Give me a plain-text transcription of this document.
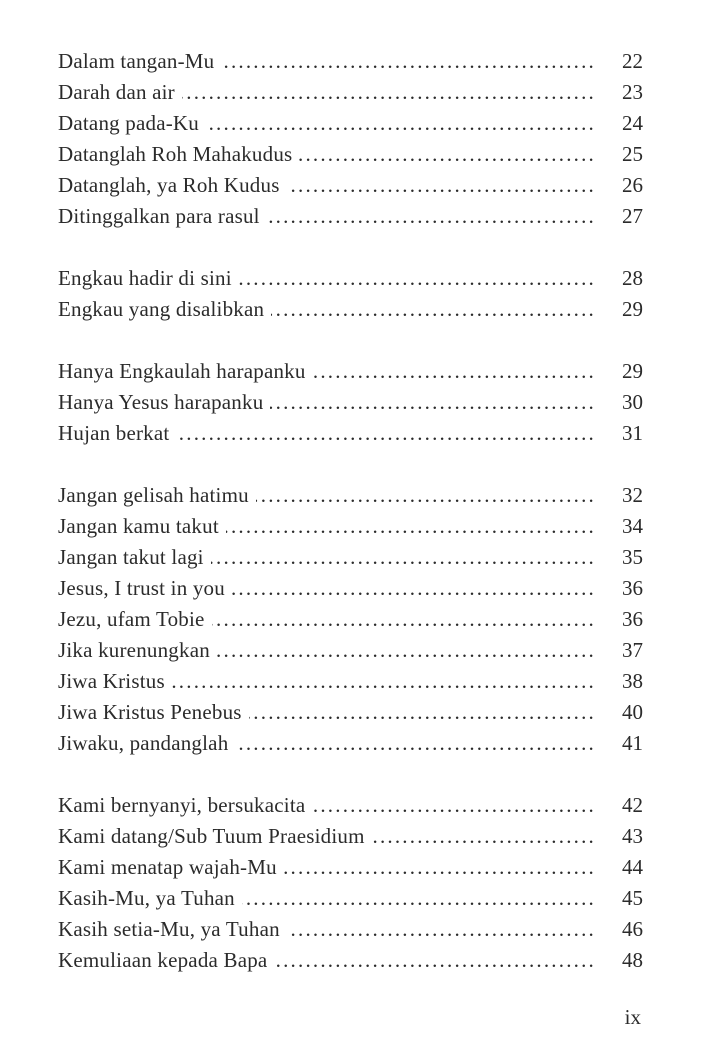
Dalam tangan-Mu .....	22
Darah dan air .....	23
Datang pada-Ku .....	24
Datanglah Roh Mahakudus .....	25
Datanglah, ya Roh Kudus .....	26
Ditinggalkan para rasul .....	27
Engkau hadir di sini .....	28
Engkau yang disalibkan .....	29
Hanya Engkaulah harapanku .....	29
Hanya Yesus harapanku .....	30
Hujan berkat .....	31
Jangan gelisah hatimu .....	32
Jangan kamu takut .....	34
Jangan takut lagi .....	35
Jesus, I trust in you .....	36
Jezu, ufam Tobie .....	36
Jika kurenungkan .....	37
Jiwa Kristus .....	38
Jiwa Kristus Penebus .....	40
Jiwaku, pandanglah .....	41
Kami bernyanyi, bersukacita .....	42
Kami datang/Sub Tuum Praesidium .....	43
Kami menatap wajah-Mu .....	44
Kasih-Mu, ya Tuhan .....	45
Kasih setia-Mu, ya Tuhan .....	46
Kemuliaan kepada Bapa .....	48
ix
